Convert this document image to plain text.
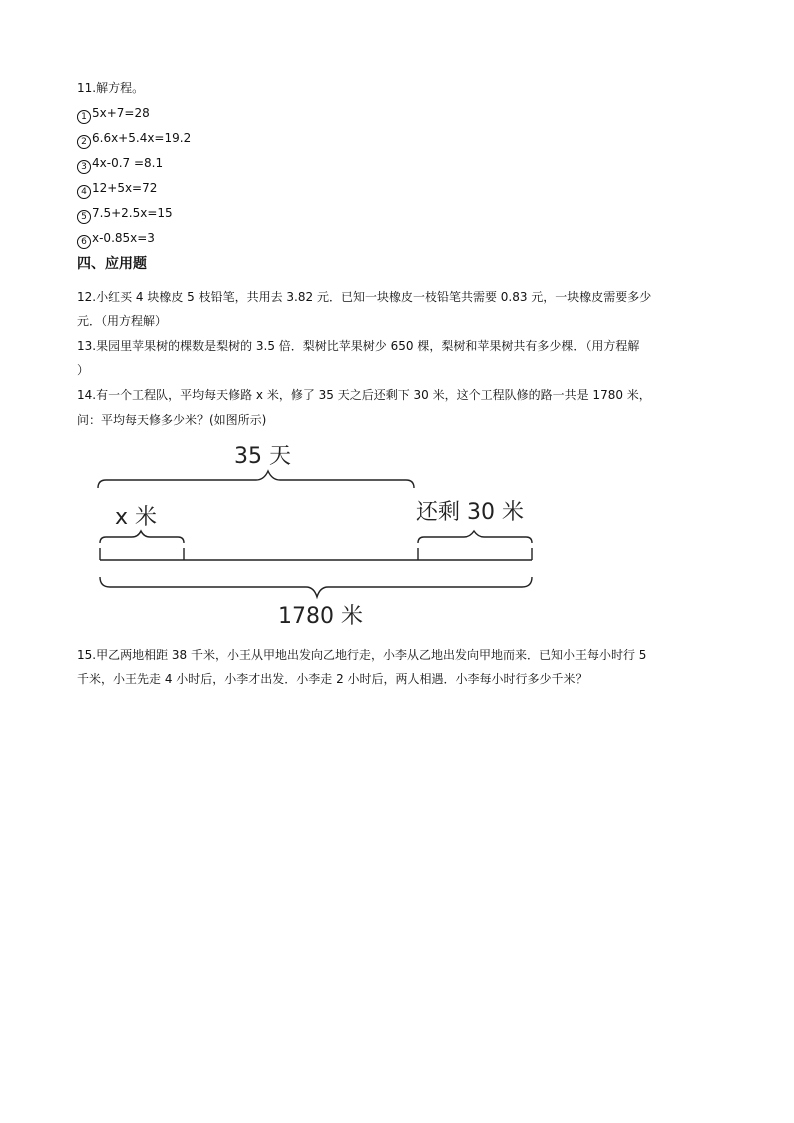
11.解方程。
1 5x+7=28
2 6.6x+5.4x=19.2
3 4x-0.7 =8.1
4 12+5x=72
5 7.5+2.5x=15
6 x-0.85x=3
四、应用题
12.小红买 4 块橡皮 5 枝铅笔，共用去 3.82 元．已知一块橡皮一枝铅笔共需要 0.83 元，一块橡皮需要多少
元．（用方程解）
13.果园里苹果树的棵数是梨树的 3.5 倍．梨树比苹果树少 650 棵，梨树和苹果树共有多少棵．（用方程解
）
14.有一个工程队，平均每天修路 x 米，修了 35 天之后还剩下 30 米，这个工程队修的路一共是 1780 米，
问：平均每天修多少米？(如图所示)
35 天
x 米	还剩 30 米
1780 米
15.甲乙两地相距 38 千米，小王从甲地出发向乙地行走，小李从乙地出发向甲地而来．已知小王每小时行 5
千米，小王先走 4 小时后，小李才出发．小李走 2 小时后，两人相遇．小李每小时行多少千米？
